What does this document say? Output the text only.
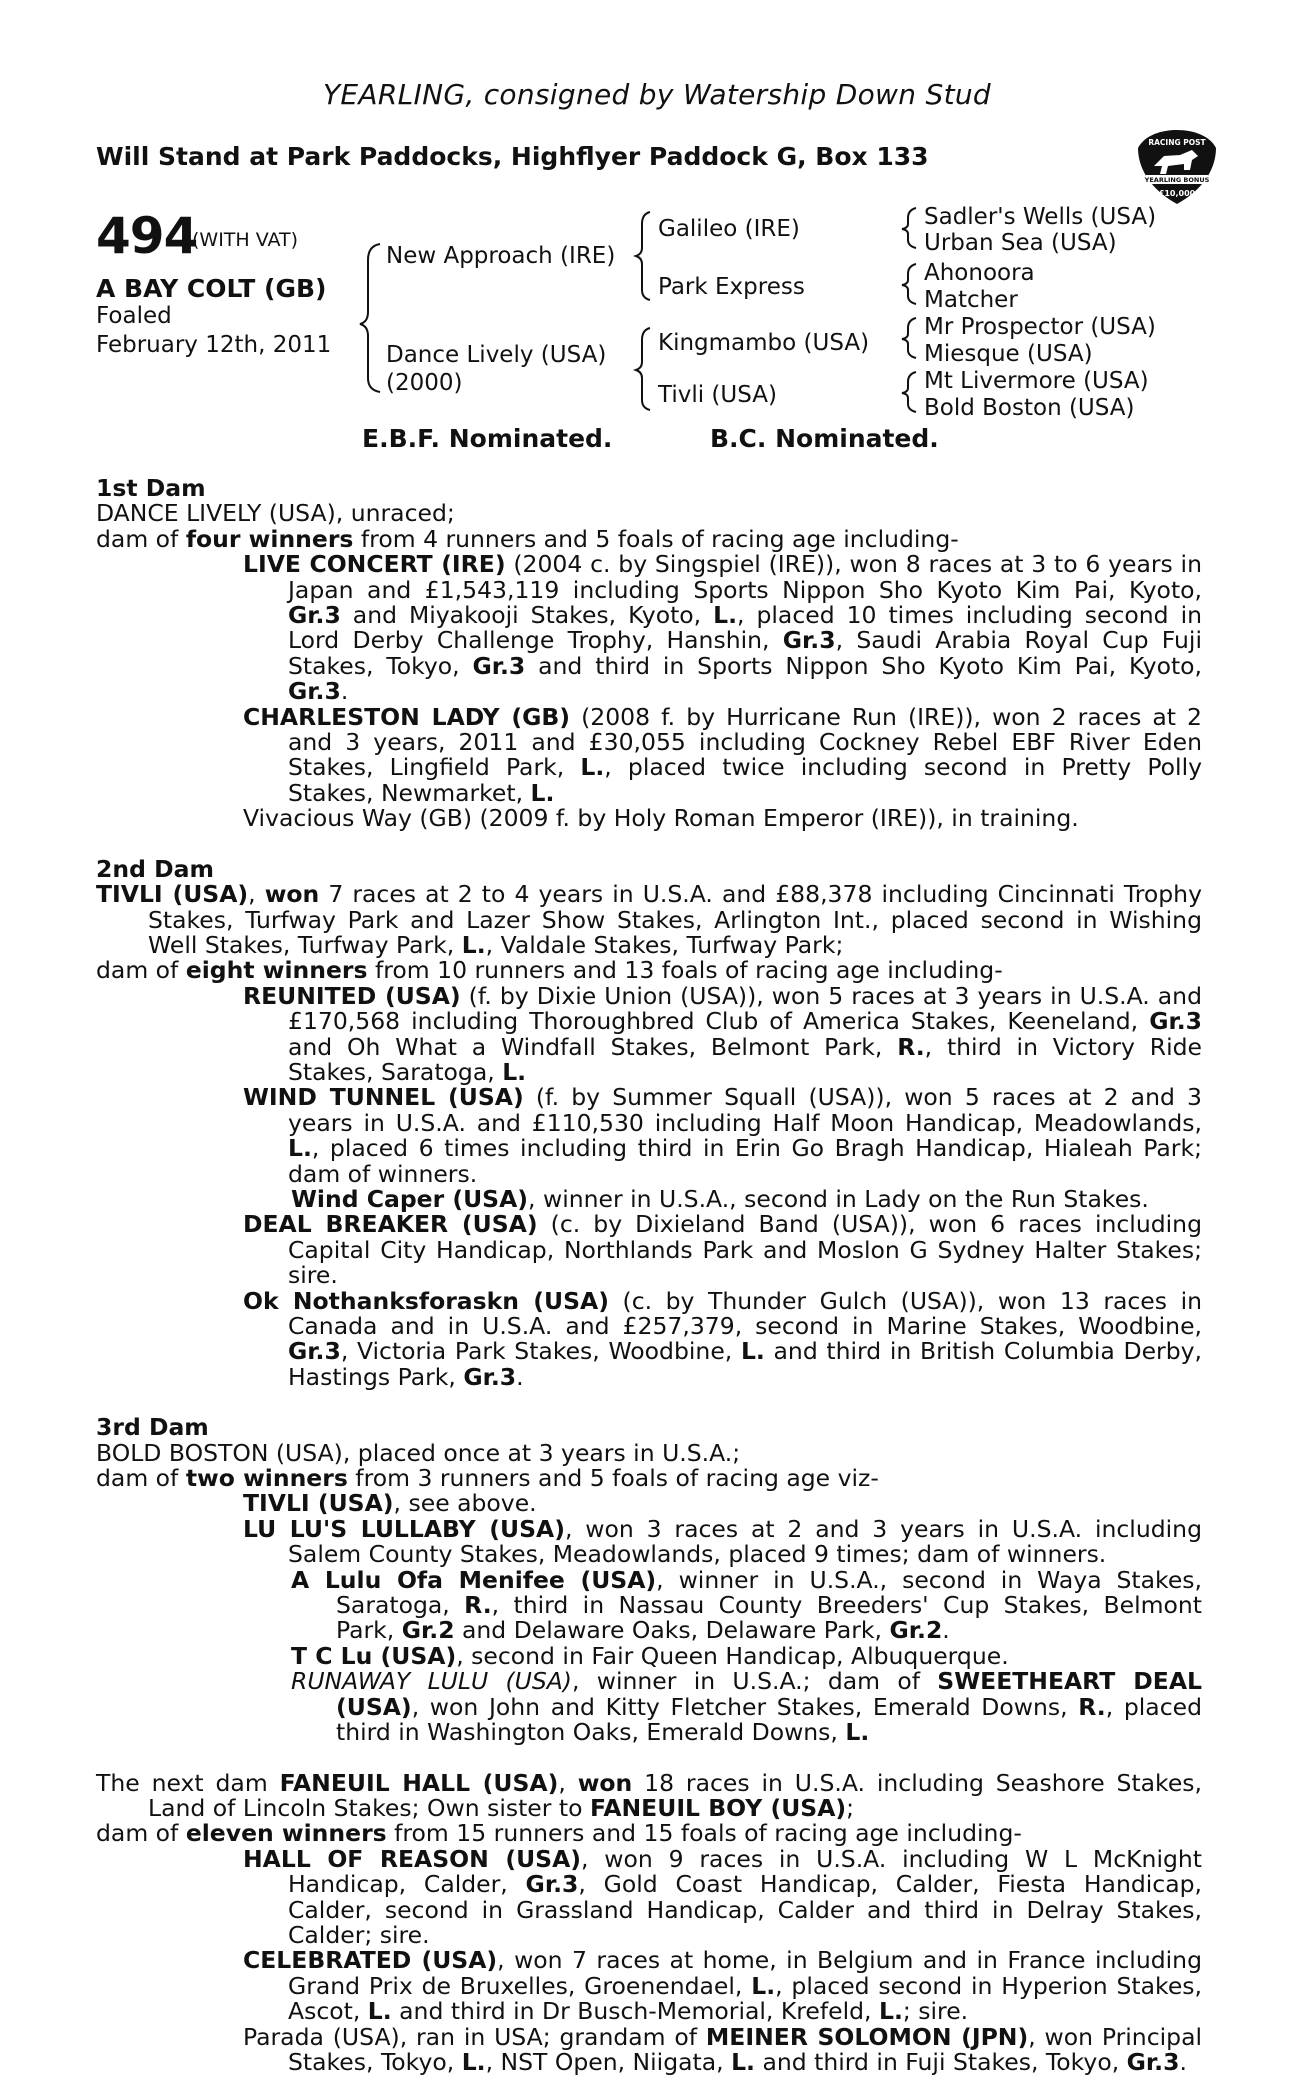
YEARLING, consigned by Watership Down Stud
Will Stand at Park Paddocks, Highflyer Paddock G, Box 133	RACING POST
YEARLING BONUS
£10,000
494
(WITH VAT)
A BAY COLT (GB)
Foaled
February 12th, 2011
New Approach (IRE)
Dance Lively (USA)
(2000)
Galileo (IRE)
Park Express
Kingmambo (USA)
Tivli (USA)
Sadler's Wells (USA)
Urban Sea (USA)
Ahonoora
Matcher
Mr Prospector (USA)
Miesque (USA)
Mt Livermore (USA)
Bold Boston (USA)
E.B.F. Nominated.	B.C. Nominated.

1st Dam

DANCE LIVELY (USA), unraced;

dam of four winners from 4 runners and 5 foals of racing age including-

LIVE CONCERT (IRE) (2004 c. by Singspiel (IRE)), won 8 races at 3 to 6 years in Japan and £1,543,119 including Sports Nippon Sho Kyoto Kim Pai, Kyoto, Gr.3 and Miyakooji Stakes, Kyoto, L., placed 10 times including second in Lord Derby Challenge Trophy, Hanshin, Gr.3, Saudi Arabia Royal Cup Fuji Stakes, Tokyo, Gr.3 and third in Sports Nippon Sho Kyoto Kim Pai, Kyoto, Gr.3.

CHARLESTON LADY (GB) (2008 f. by Hurricane Run (IRE)), won 2 races at 2 and 3 years, 2011 and £30,055 including Cockney Rebel EBF River Eden Stakes, Lingfield Park, L., placed twice including second in Pretty Polly Stakes, Newmarket, L.

Vivacious Way (GB) (2009 f. by Holy Roman Emperor (IRE)), in training.

2nd Dam

TIVLI (USA), won 7 races at 2 to 4 years in U.S.A. and £88,378 including Cincinnati Trophy Stakes, Turfway Park and Lazer Show Stakes, Arlington Int., placed second in Wishing Well Stakes, Turfway Park, L., Valdale Stakes, Turfway Park;

dam of eight winners from 10 runners and 13 foals of racing age including-

REUNITED (USA) (f. by Dixie Union (USA)), won 5 races at 3 years in U.S.A. and £170,568 including Thoroughbred Club of America Stakes, Keeneland, Gr.3 and Oh What a Windfall Stakes, Belmont Park, R., third in Victory Ride Stakes, Saratoga, L.

WIND TUNNEL (USA) (f. by Summer Squall (USA)), won 5 races at 2 and 3 years in U.S.A. and £110,530 including Half Moon Handicap, Meadowlands, L., placed 6 times including third in Erin Go Bragh Handicap, Hialeah Park; dam of winners.

Wind Caper (USA), winner in U.S.A., second in Lady on the Run Stakes.

DEAL BREAKER (USA) (c. by Dixieland Band (USA)), won 6 races including Capital City Handicap, Northlands Park and Moslon G Sydney Halter Stakes; sire.

Ok Nothanksforaskn (USA) (c. by Thunder Gulch (USA)), won 13 races in Canada and in U.S.A. and £257,379, second in Marine Stakes, Woodbine, Gr.3, Victoria Park Stakes, Woodbine, L. and third in British Columbia Derby, Hastings Park, Gr.3.

3rd Dam

BOLD BOSTON (USA), placed once at 3 years in U.S.A.;

dam of two winners from 3 runners and 5 foals of racing age viz-

TIVLI (USA), see above.

LU LU'S LULLABY (USA), won 3 races at 2 and 3 years in U.S.A. including Salem County Stakes, Meadowlands, placed 9 times; dam of winners.

A Lulu Ofa Menifee (USA), winner in U.S.A., second in Waya Stakes, Saratoga, R., third in Nassau County Breeders' Cup Stakes, Belmont Park, Gr.2 and Delaware Oaks, Delaware Park, Gr.2.

T C Lu (USA), second in Fair Queen Handicap, Albuquerque.

RUNAWAY LULU (USA), winner in U.S.A.; dam of SWEETHEART DEAL (USA), won John and Kitty Fletcher Stakes, Emerald Downs, R., placed third in Washington Oaks, Emerald Downs, L.

The next dam FANEUIL HALL (USA), won 18 races in U.S.A. including Seashore Stakes, Land of Lincoln Stakes; Own sister to FANEUIL BOY (USA);

dam of eleven winners from 15 runners and 15 foals of racing age including-

HALL OF REASON (USA), won 9 races in U.S.A. including W L McKnight Handicap, Calder, Gr.3, Gold Coast Handicap, Calder, Fiesta Handicap, Calder, second in Grassland Handicap, Calder and third in Delray Stakes, Calder; sire.

CELEBRATED (USA), won 7 races at home, in Belgium and in France including Grand Prix de Bruxelles, Groenendael, L., placed second in Hyperion Stakes, Ascot, L. and third in Dr Busch-Memorial, Krefeld, L.; sire.

Parada (USA), ran in USA; grandam of MEINER SOLOMON (JPN), won Principal Stakes, Tokyo, L., NST Open, Niigata, L. and third in Fuji Stakes, Tokyo, Gr.3.
